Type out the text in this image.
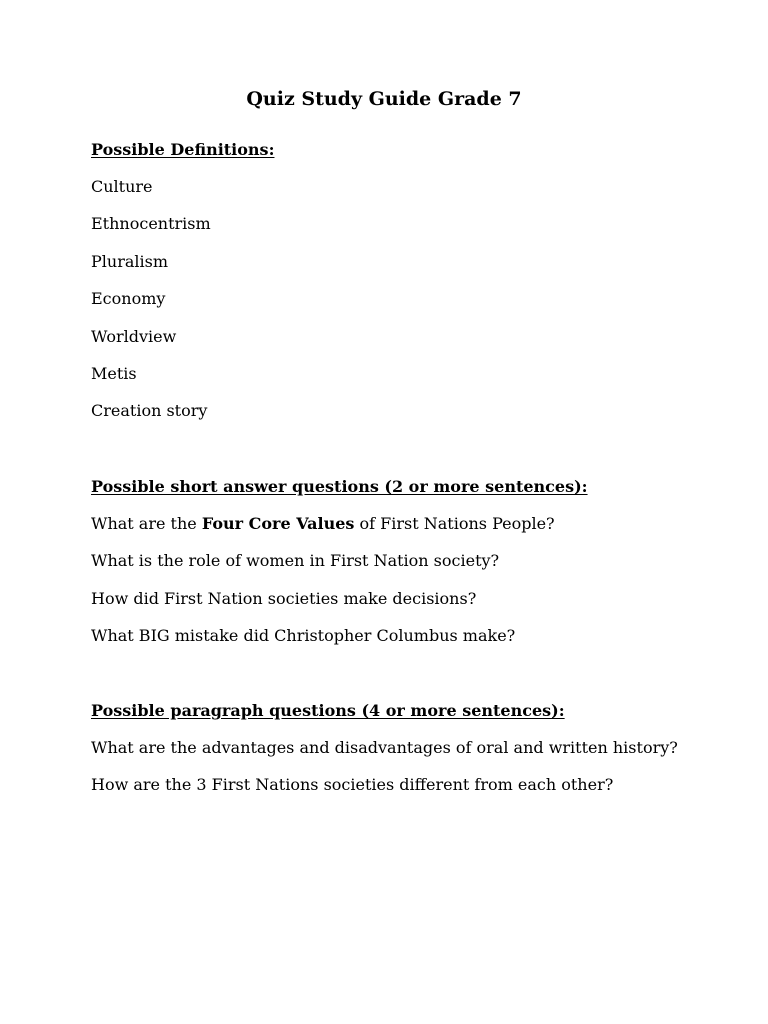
Quiz Study Guide Grade 7
Possible Definitions:
Culture
Ethnocentrism
Pluralism
Economy
Worldview
Metis
Creation story
Possible short answer questions (2 or more sentences):
What are the Four Core Values of First Nations People?
What is the role of women in First Nation society?
How did First Nation societies make decisions?
What BIG mistake did Christopher Columbus make?
Possible paragraph questions (4 or more sentences):
What are the advantages and disadvantages of oral and written history?
How are the 3 First Nations societies different from each other?
